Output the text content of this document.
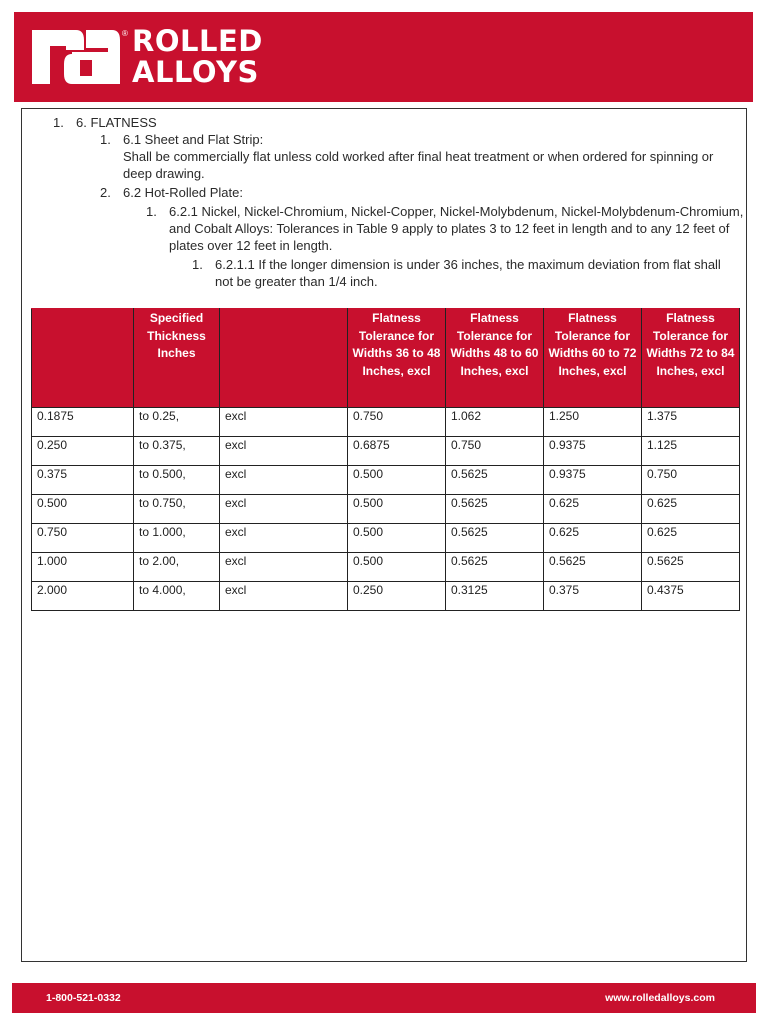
® ROLLED
ALLOYS
1. 6. FLATNESS
1. 6.1 Sheet and Flat Strip:
Shall be commercially flat unless cold worked after final heat treatment or when ordered for spinning or deep drawing.
2. 6.2 Hot-Rolled Plate:
1. 6.2.1 Nickel, Nickel-Chromium, Nickel-Copper, Nickel-Molybdenum, Nickel-Molybdenum-Chromium, and Cobalt Alloys: Tolerances in Table 9 apply to plates 3 to 12 feet in length and to any 12 feet of plates over 12 feet in length.
1. 6.2.1.1 If the longer dimension is under 36 inches, the maximum deviation from flat shall not be greater than 1/4 inch.
	Specified Thickness Inches		Flatness Tolerance for Widths 36 to 48 Inches, excl	Flatness Tolerance for Widths 48 to 60 Inches, excl	Flatness Tolerance for Widths 60 to 72 Inches, excl	Flatness Tolerance for Widths 72 to 84 Inches, excl
0.1875	to 0.25,	excl	0.750	1.062	1.250	1.375
0.250	to 0.375,	excl	0.6875	0.750	0.9375	1.125
0.375	to 0.500,	excl	0.500	0.5625	0.9375	0.750
0.500	to 0.750,	excl	0.500	0.5625	0.625	0.625
0.750	to 1.000,	excl	0.500	0.5625	0.625	0.625
1.000	to 2.00,	excl	0.500	0.5625	0.5625	0.5625
2.000	to 4.000,	excl	0.250	0.3125	0.375	0.4375
1-800-521-0332	www.rolledalloys.com
